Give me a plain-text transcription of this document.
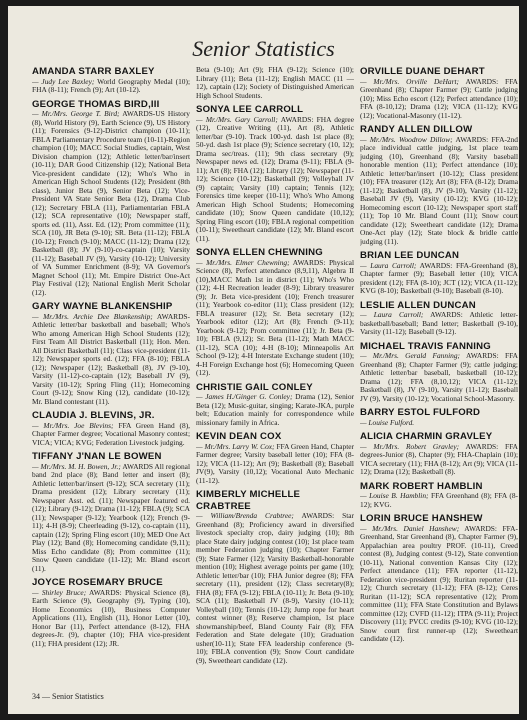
Senior Statistics
AMANDA STARR BAXLEY
— Judy Lee Baxley; World Geography Medal (10); FHA (8-11); French (9); Art (10-12).
GEORGE THOMAS BIRD,III
— Mr./Mrs. George T. Bird; AWARDS-US History (8), World History (9), Earth Science (9), US History (11); Forensics (9-12)-District champion (10-11); FBLA Parliamentary Procedure team (10-11)-Region champion (10); MACC Social Studies, captain, West Division champion (12); Athletic letter/bar/insert (10-11); DAR Good Citizenship (12); National Beta Vice-president candidate (12); Who's Who in American High School Students (12); President (8th class), Junior Beta (9), Senior Beta (12); Vice-President VA State Senior Beta (12), Drama Club (12); Secretary FBLA (11), Parliamentarian FBLA (12); SCA representative (10); Newspaper staff, sports ed. (11), Asst. Ed. (12); Prom committee (11); SCA (10), JR Beta (9-10); SR. Beta (11-12); FBLA (10-12); French (9-10); MACC (11-12); Drama (12); Basketball (8); JV (9-10)-co-captain (10); Varsity (11-12); Baseball JV (9), Varsity (10-12); University of VA Summer Enrichment (8-9); VA Governor's Magnet School (11); Mt. Empire District One-Act Play Festival (12); National English Merit Scholar (12).
GARY WAYNE BLANKENSHIP
— Mr./Mrs. Archie Dee Blankenship; AWARDS-Athletic letter/bar basketball and baseball; Who's Who among American High School Students (12); First Team All District Basketball (11); Hon. Men. All District Basketball (11); Class vice-president (11-12); Newspaper sports ed. (12); FFA (8-10); FBLA (12); Newspaper (12); Basketball (8), JV (9-10), Varsity (11-12)-co-captain (12); Baseball JV (9), Varsity (10-12); Spring Fling (11); Homecoming Court (9-12); Snow King (12), candidate (10-12); Mr. Bland contestant (11).
CLAUDIA J. BLEVINS, JR.
— Mr./Mrs. Joe Blevins; FFA Green Hand (8), Chapter Farmer degree; Vocational Masonry contest; VICA; VICA; KVG; Federation Livestock judging.
TIFFANY J'NAN LE BOWEN
— Mr./Mrs. M. H. Bowen, Jr.; AWARDS All regional band 2nd place (8); Band letter and insert (8); Athletic letter/bar/insert (9-12); SCA secretary (11); Drama president (12); Library secretary (11); Newspaper Asst. ed. (11); Newspaper featured ed. (12); Library (9-12); Drama (11-12); FBLA (9); SCA (11); Newspaper (9-12); Yearbook (12); French (9-11); 4-H (8-9); Cheerleading (9-12), co-captain (11), captain (12); Spring Fling escort (10); MED One Act Play (12); Band (8); Homecoming candidate (9,11); Miss Echo candidate (8); Prom committee (11); Snow Queen candidate (11-12); Mr. Bland escort (11).
JOYCE ROSEMARY BRUCE
— Shirley Bruce; AWARDS: Physical Science (8), Earth Science (9), Geography (9), Typing (10), Home Economics (10), Business Computer Applications (11), English (11), Honor Letter (10), Honor Bar (11), Perfect attendance (8-12), FHA degrees-Jr. (9), chapter (10); FHA vice-president (11); FHA president (12); JR.
Beta (9-10); Art (9); FHA (9-12); Science (10); Library (11); Beta (11-12); English MACC (11 — 12), captain (12); Society of Distinguished American High School Students.
SONYA LEE CARROLL
— Mr./Mrs. Gary Carroll; AWARDS: FHA degree (12), Creative Writing (11), Art (8), Athletic letter/bar (9-10). Track 100-yd. dash 1st place (8); 50-yd. dash 1st place (9); Science secretary (10, 12); Drama sec/treas. (11); 9th class secretary (9); Newspaper news ed. (12); Drama (9-11); FBLA (9-11); Art (8); FHA (12); Library (12); Newspaper (11-12); Science (10-12); Basketball (9); Volleyball JV (9) captain; Varsity (10) captain; Tennis (12); Forensics time keeper (10-11); Who's Who Among American High School Students; Homecoming candidate (10); Snow Queen candidate (10,12); Spring Fling escort (10); FBLA regional competition (10-11); Sweetheart candidate (12); Mr. Bland escort (11).
SONYA ELLEN CHEWNING
— Mr./Mrs. Elmer Chewning; AWARDS: Physical Science (8), Perfect attendance (8,9,11), Algebra II (10),MACC Math 1st in district (11); Who's Who (12); 4-H Recreation leader (8-9); Library treasurer (9); Jr. Beta vice-president (10); French treasurer (11); Yearbook co-editor (11); Class president (12); FBLA treasurer (12); Sr. Beta secretary (12); Yearbook editor (12); Art (8); French (9-11); Yearbook (9-12); Prom committee (11); Jr. Beta (9-10); FBLA (9,12); Sr. Beta (11-12); Math MACC (11-12), SCA (10); 4-H (8-10); Minneapolis Art School (9-12); 4-H Interstate Exchange student (10); 4-H Foreign Exchange host (6); Homecoming Queen (12).
CHRISTIE GAIL CONLEY
— James H./Ginger G. Conley; Drama (12), Senior Beta (12); Music-guitar, singing; Karate-JKA, purple belt; Education mainly for correspondence while missionary family in Africa.
KEVIN DEAN COX
— Mr./Mrs. Larry W. Cox; FFA Green Hand, Chapter Farmer degree; Varsity baseball letter (10); FFA (8-12); VICA (11-12); Art (9); Basketball (8); Baseball JV(9), Varsity (10,12); Vocational Auto Mechanic (11-12).
KIMBERLY MICHELLE CRABTREE
— William/Brenda Crabtree; AWARDS: Star Greenhand (8); Proficiency award in diversified livestock specialty crop, dairy judging (10); 8th place State dairy judging contest (10); 1st place team member Federation judging (10); Chapter Farmer (9); State Farmer (12); Varsity Basketball-honorable mention (10); Highest average points per game (10); Athletic letter/bar (10); FHA Junior degree (8); FFA secretary (11), president (12); Class secretary(8); FHA (8); FFA (9-12); FBLA (10-11); Jr. Beta (9-10); SCA (11); Basketball JV (8-9), Varsity (10-11); Volleyball (10); Tennis (10-12); Jump rope for heart contest winner (8); Reserve champion, 1st place showmanship/beef, Bland County Fair (8); FFA Federation and State delegate (10); Graduation usher(10-11); State FFA leadership conference (9-10); FBLA convention (9); Snow Court candidate (9), Sweetheart candidate (12).
ORVILLE DUANE DEHART
— Mr./Mrs. Orville DeHart; AWARDS: FFA Greenhand (8); Chapter Farmer (9); Cattle judging (10); Miss Echo escort (12); Perfect attendance (10); FFA (8-10,12); Drama (12); VICA (11-12); KVG (12); Vocational-Masonry (11-12).
RANDY ALLEN DILLOW
— Mr./Mrs. Woodrow Dillow; AWARDS: FFA-2nd place individual cattle judging, 1st place team judging (10), Greenhand (8); Varsity baseball honorable mention (11); Perfect attendance (10); Athletic letter/bar/insert (10-12); Class president (10); FFA treasurer (12); Art (8); FFA (8-12); Drama (11-12); Basketball (8), JV (9-10), Varsity (11-12); Baseball JV (9), Varsity (10-12); KVG (10-12); Homecoming escort (10-12); Newspaper sport staff (11); Top 10 Mr. Bland Count (11); Snow court candidate (12); Sweetheart candidate (12); Drama One-Act play (12); State block & bridle cattle judging (11).
BRIAN LEE DUNCAN
— Laura Carroll; AWARDS: FFA-Greenhand (8), Chapter farmer (9); Baseball letter (10); VICA president (12); FFA (8-10); JCT (12); VICA (11-12); KVG (8-10); Basketball (9-10); Baseball (8-10).
LESLIE ALLEN DUNCAN
— Laura Carroll; AWARDS: Athletic letter-basketball/baseball; Band letter; Basketball (9-10), Varsity (11-12); Baseball (9-12).
MICHAEL TRAVIS FANNING
— Mr./Mrs. Gerald Fanning; AWARDS: FFA Greenhand (8); Chapter Farmer (9); cattle judging; Athletic letter/bar baseball, basketball (10-12); Drama (12); FFA (8,10,12); VICA (11-12); Basketball (8), JV (9-10), Varsity (11-12); Baseball JV (9), Varsity (10-12); Vocational School-Masonry.
BARRY ESTOL FULFORD
— Louise Fulford.
ALICIA CHARMIN GRAVLEY
— Mr./Mrs. Robert Gravley; AWARDS: FFA degrees-Junior (8), Chapter (9); FHA-Chaplain (10); VICA secretary (11); FHA (8-12); Art (9); VICA (11-12); Drama (12); Basketball (8).
MARK ROBERT HAMBLIN
— Louise B. Hamblin; FFA Greenhand (8); FFA (8-12); KVG.
LORIN BRUCE HANSHEW
— Mr./Mrs. Daniel Hanshew; AWARDS: FFA-Greenhand, Star Greenhand (8), Chapter Farmer (9), Appalachian area poultry PROF. (10-11), Creed contest (8), Judging contest (9-12), State convention (10-11), National convention Kansas City (12); Perfect attendance (11); FFA reporter (11-12), Federation vice-president (9); Ruritan reporter (11-12); Church secretary (11-12); FFA (8-12); Ceres Ruritan (11-12); SCA representative (12); Prom committee (11); FFA State Constitution and Bylaws committee (12); CVFD (11-12); ITPA (9-11); Project Discovery (11); PVCC credits (9-10); KVG (10-12); Snow court first runner-up (12); Sweetheart candidate (12).
34 — Senior Statistics
